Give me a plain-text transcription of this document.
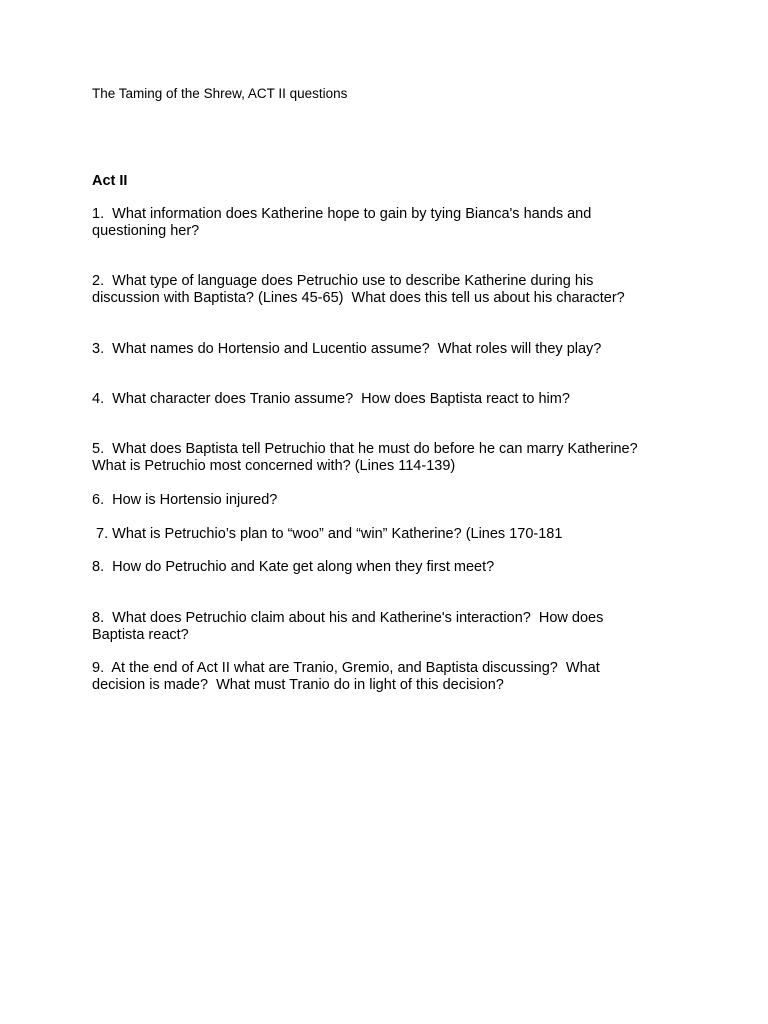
The Taming of the Shrew, ACT II questions
Act II
1.  What information does Katherine hope to gain by tying Bianca's hands and
questioning her?
2.  What type of language does Petruchio use to describe Katherine during his
discussion with Baptista? (Lines 45-65)  What does this tell us about his character?
3.  What names do Hortensio and Lucentio assume?  What roles will they play?
4.  What character does Tranio assume?  How does Baptista react to him?
5.  What does Baptista tell Petruchio that he must do before he can marry Katherine?
What is Petruchio most concerned with? (Lines 114-139)
6.  How is Hortensio injured?
7. What is Petruchio’s plan to “woo” and “win” Katherine? (Lines 170-181
8.  How do Petruchio and Kate get along when they first meet?
8.  What does Petruchio claim about his and Katherine's interaction?  How does
Baptista react?
9.  At the end of Act II what are Tranio, Gremio, and Baptista discussing?  What
decision is made?  What must Tranio do in light of this decision?
